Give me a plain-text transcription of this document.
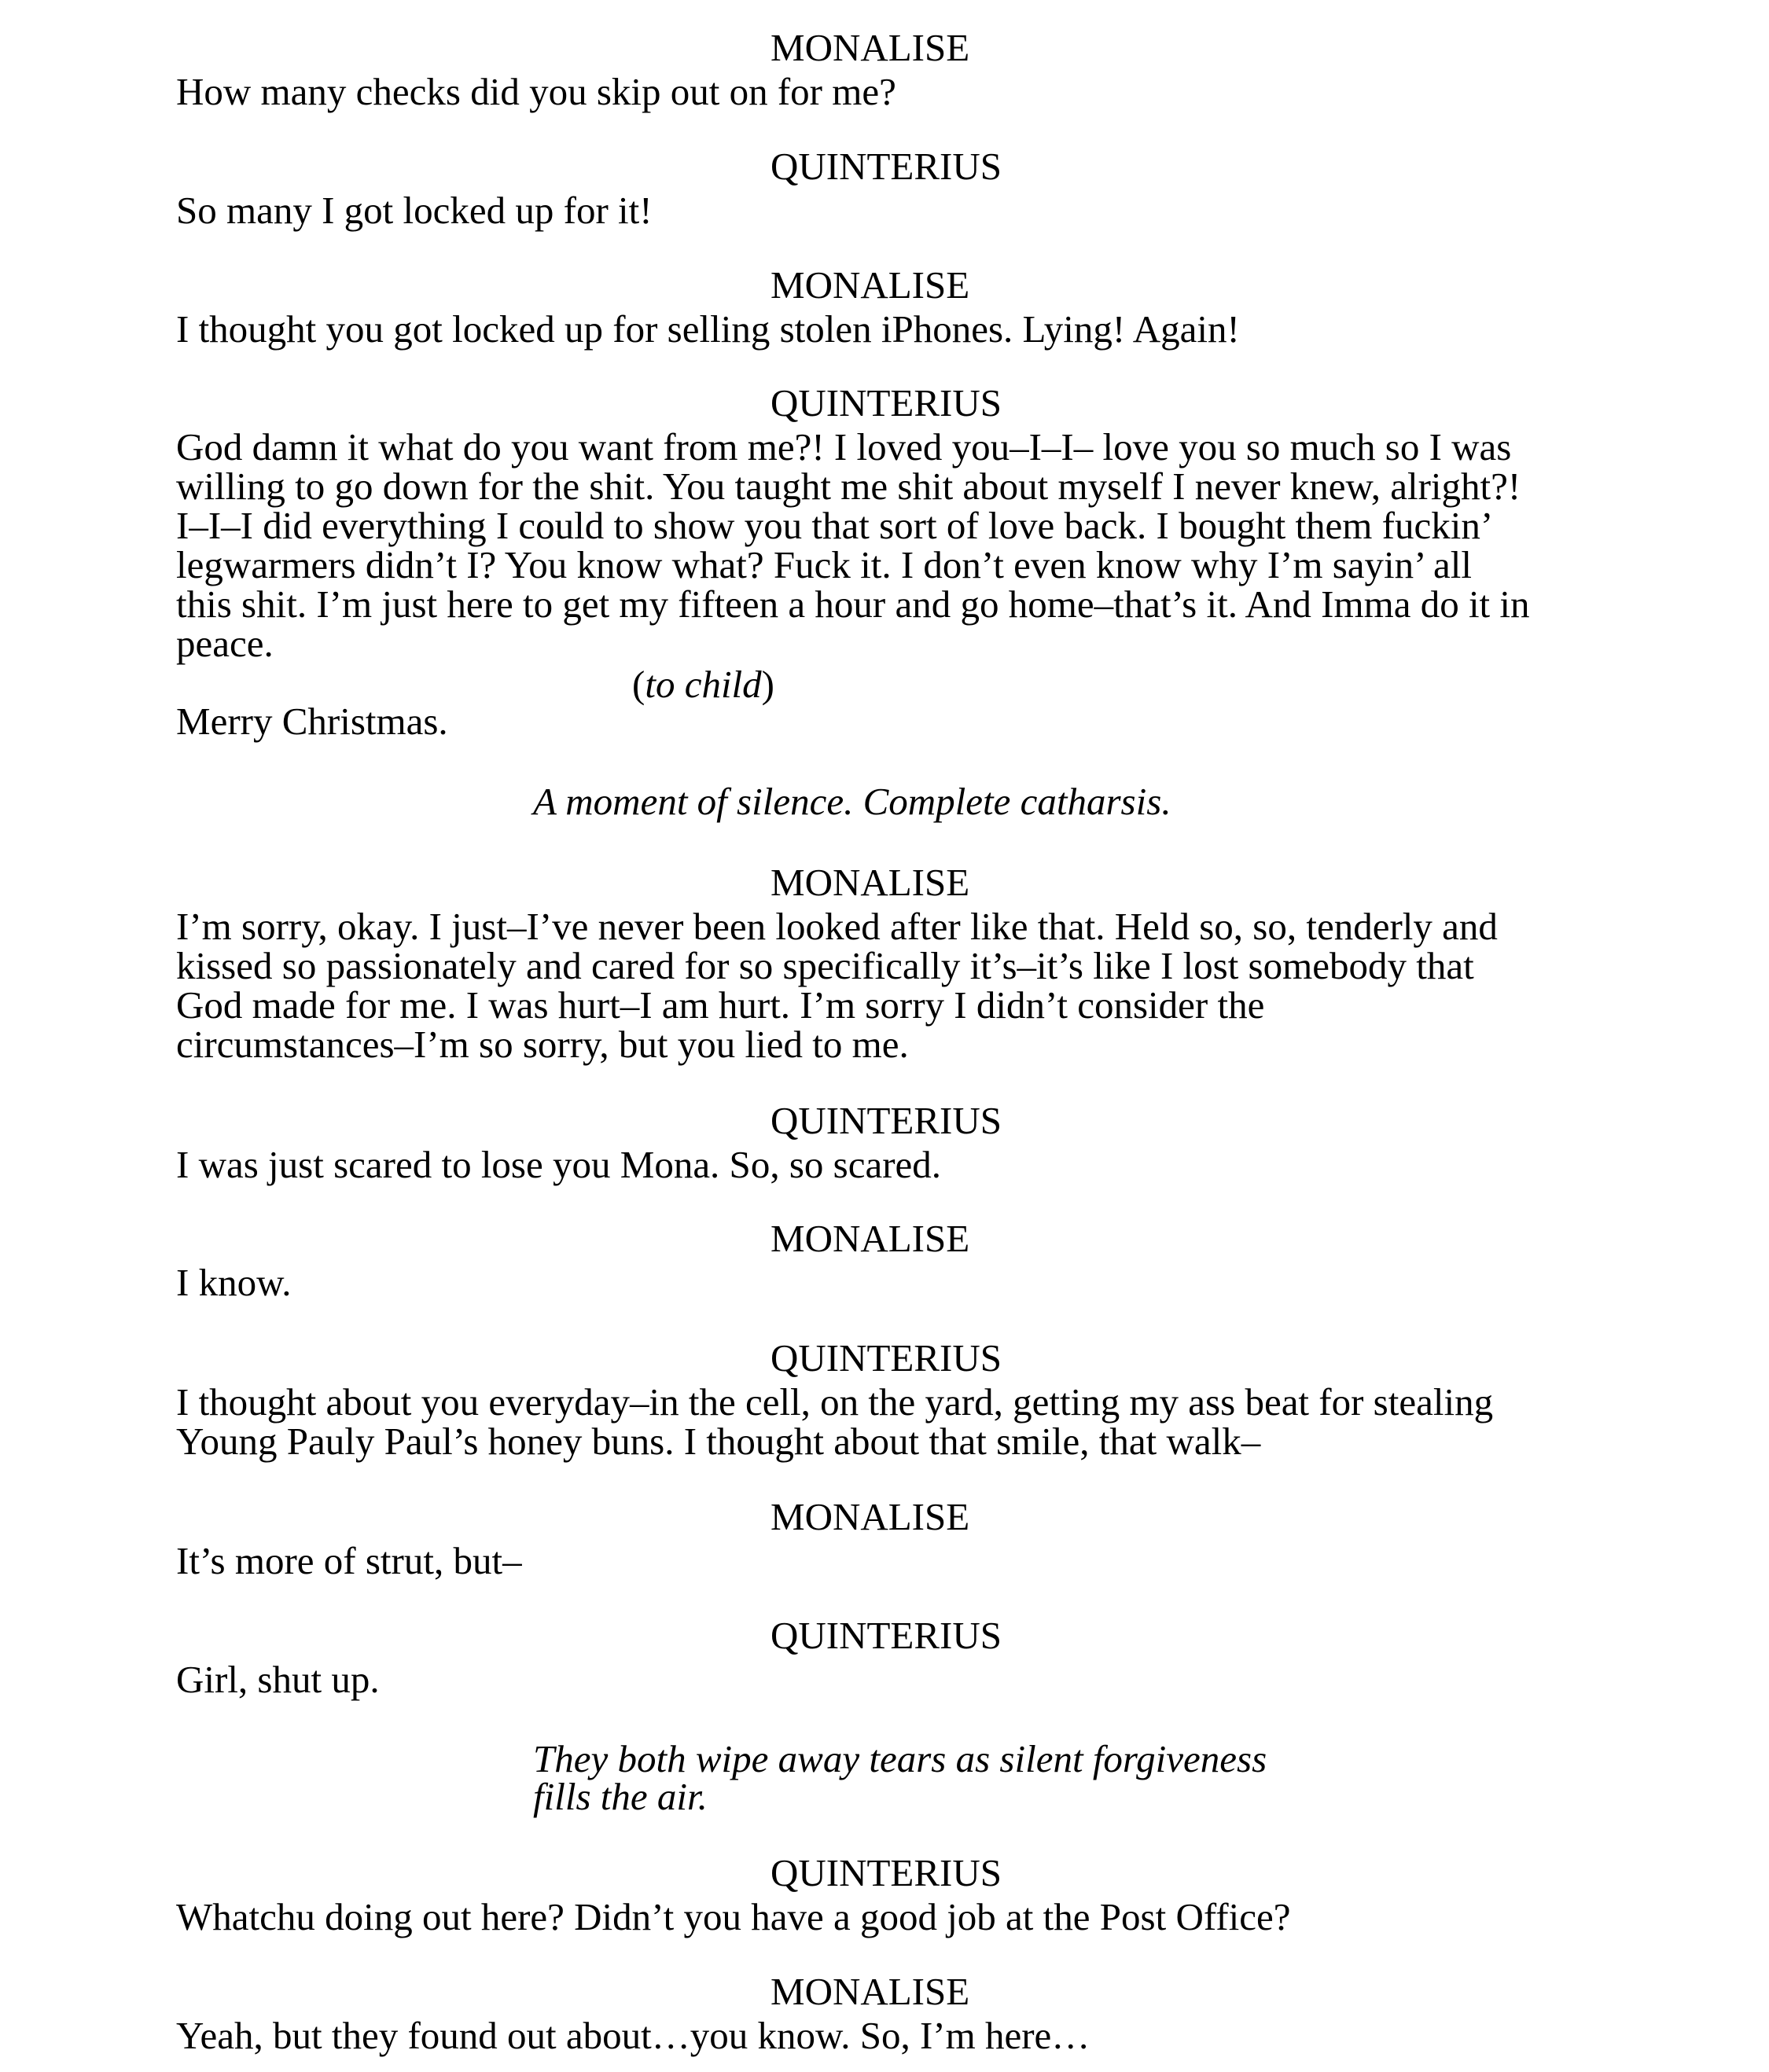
MONALISE
How many checks did you skip out on for me?
QUINTERIUS
So many I got locked up for it!
MONALISE
I thought you got locked up for selling stolen iPhones. Lying! Again!
QUINTERIUS
God damn it what do you want from me?! I loved you–I–I– love you so much so I was
willing to go down for the shit. You taught me shit about myself I never knew, alright?!
I–I–I did everything I could to show you that sort of love back. I bought them fuckin’
legwarmers didn’t I? You know what? Fuck it. I don’t even know why I’m sayin’ all
this shit. I’m just here to get my fifteen a hour and go home–that’s it. And Imma do it in
peace.
(to child)
Merry Christmas.
A moment of silence. Complete catharsis.
MONALISE
I’m sorry, okay. I just–I’ve never been looked after like that. Held so, so, tenderly and
kissed so passionately and cared for so specifically it’s–it’s like I lost somebody that
God made for me. I was hurt–I am hurt. I’m sorry I didn’t consider the
circumstances–I’m so sorry, but you lied to me.
QUINTERIUS
I was just scared to lose you Mona. So, so scared.
MONALISE
I know.
QUINTERIUS
I thought about you everyday–in the cell, on the yard, getting my ass beat for stealing
Young Pauly Paul’s honey buns. I thought about that smile, that walk–
MONALISE
It’s more of strut, but–
QUINTERIUS
Girl, shut up.
They both wipe away tears as silent forgiveness
fills the air.
QUINTERIUS
Whatchu doing out here? Didn’t you have a good job at the Post Office?
MONALISE
Yeah, but they found out about…you know. So, I’m here…
